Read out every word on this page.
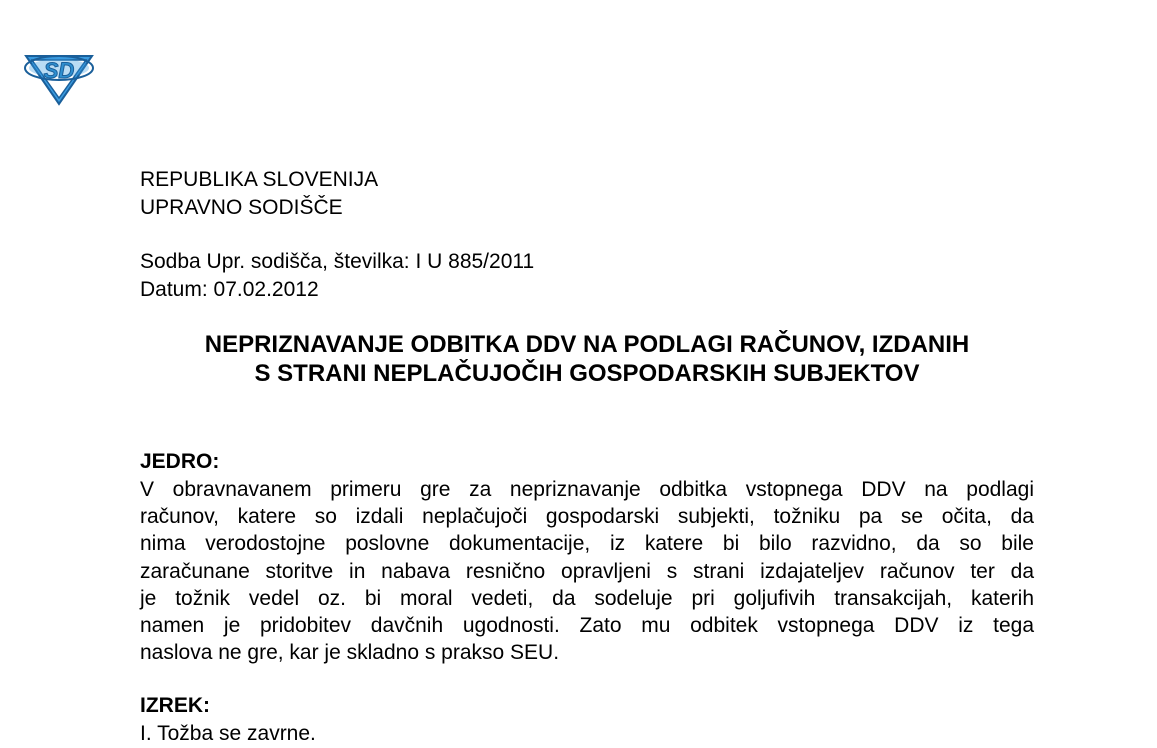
SD
REPUBLIKA SLOVENIJA
UPRAVNO SODIŠČE
Sodba Upr. sodišča, številka: I U 885/2011
Datum: 07.02.2012
NEPRIZNAVANJE ODBITKA DDV NA PODLAGI RAČUNOV, IZDANIH
S STRANI NEPLAČUJOČIH GOSPODARSKIH SUBJEKTOV
JEDRO:
V obravnavanem primeru gre za nepriznavanje odbitka vstopnega DDV na podlagi
računov, katere so izdali neplačujoči gospodarski subjekti, tožniku pa se očita, da
nima verodostojne poslovne dokumentacije, iz katere bi bilo razvidno, da so bile
zaračunane storitve in nabava resnično opravljeni s strani izdajateljev računov ter da
je tožnik vedel oz. bi moral vedeti, da sodeluje pri goljufivih transakcijah, katerih
namen je pridobitev davčnih ugodnosti. Zato mu odbitek vstopnega DDV iz tega
naslova ne gre, kar je skladno s prakso SEU.
IZREK:
I. Tožba se zavrne.
